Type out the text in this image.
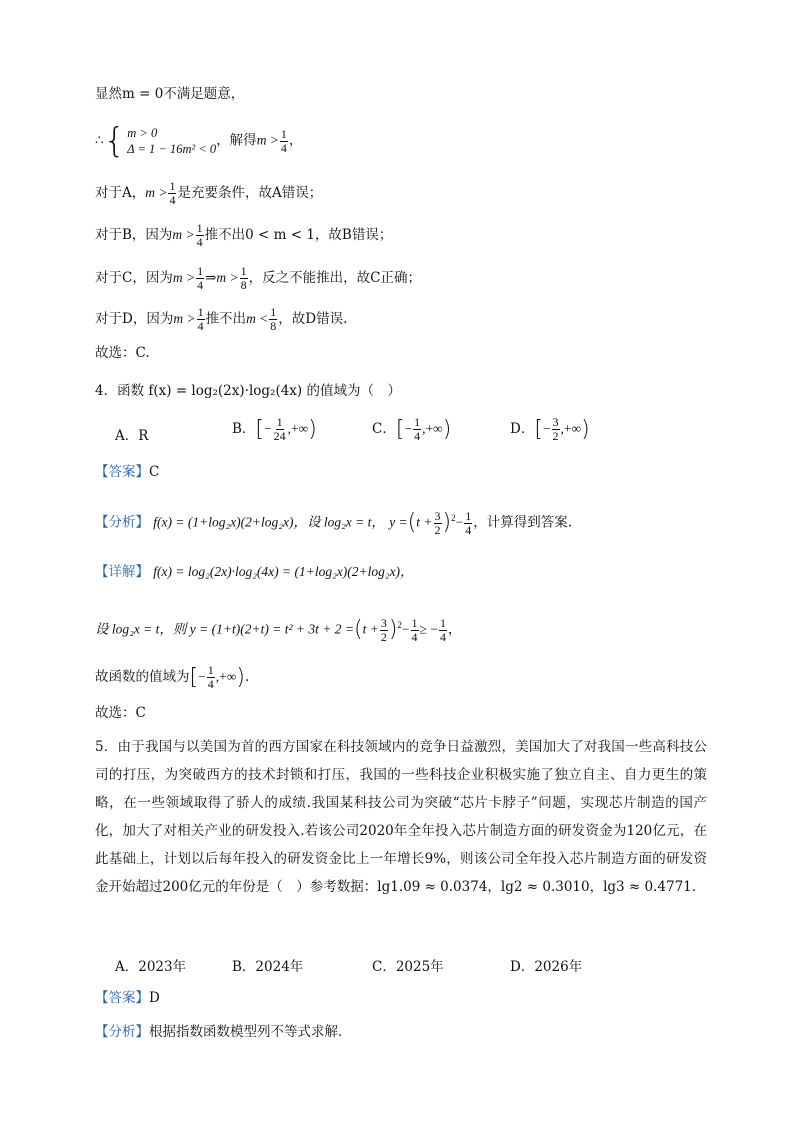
显然m = 0不满足题意，
∴ { m > 0
Δ = 1 − 16m² < 0
，解得$m > \frac{1}{4}$ ，
对于A，$m > \frac{1}{4}$ 是充要条件，故A错误；
对于B，因为$m > \frac{1}{4}$ 推不出0 < m < 1，故B错误；
对于C，因为$m > \frac{1}{4}$ ⇒m > $\frac{1}{8}$ ，反之不能推出，故C正确；
对于D，因为$m > \frac{1}{4}$ 推不出$m < \frac{1}{8}$ ，故D错误.
故选：C.
4．函数 f(x) = log₂(2x)·log₂(4x) 的值域为（　）
A．R	B．[− $\frac{1}{24}$ ,+∞)	C．[− $\frac{1}{4}$ ,+∞)	D．[− $\frac{3}{2}$ ,+∞)
【答案】C
【分析】 f(x) = (1+log₂x)(2+log₂x)，设 log₂x = t， $y =(t + \frac{3}{2} )^2- \frac{1}{4}$ ，计算得到答案.
【详解】 f(x) = log₂(2x)·log₂(4x) = (1+log₂x)(2+log₂x)，
设 log₂x = t，则 $y = (1+t)(2+t) = t^2 + 3t + 2 =(t + \frac{3}{2} )^2- \frac{1}{4}$ ≥ − $\frac{1}{4}$ ，
故函数的值域为[− $\frac{1}{4}$ ,+∞).
故选：C
5．由于我国与以美国为首的西方国家在科技领域内的竞争日益激烈，美国加大了对我国一些高科技公司的打压，为突破西方的技术封锁和打压，我国的一些科技企业积极实施了独立自主、自力更生的策略，在一些领域取得了骄人的成绩.我国某科技公司为突破“芯片卡脖子”问题，实现芯片制造的国产化，加大了对相关产业的研发投入.若该公司2020年全年投入芯片制造方面的研发资金为120亿元，在此基础上，计划以后每年投入的研发资金比上一年增长9%，则该公司全年投入芯片制造方面的研发资金开始超过200亿元的年份是（　）参考数据：lg1.09 ≈ 0.0374，lg2 ≈ 0.3010，lg3 ≈ 0.4771.
A．2023年	B．2024年	C．2025年	D．2026年
【答案】D
【分析】根据指数函数模型列不等式求解．
